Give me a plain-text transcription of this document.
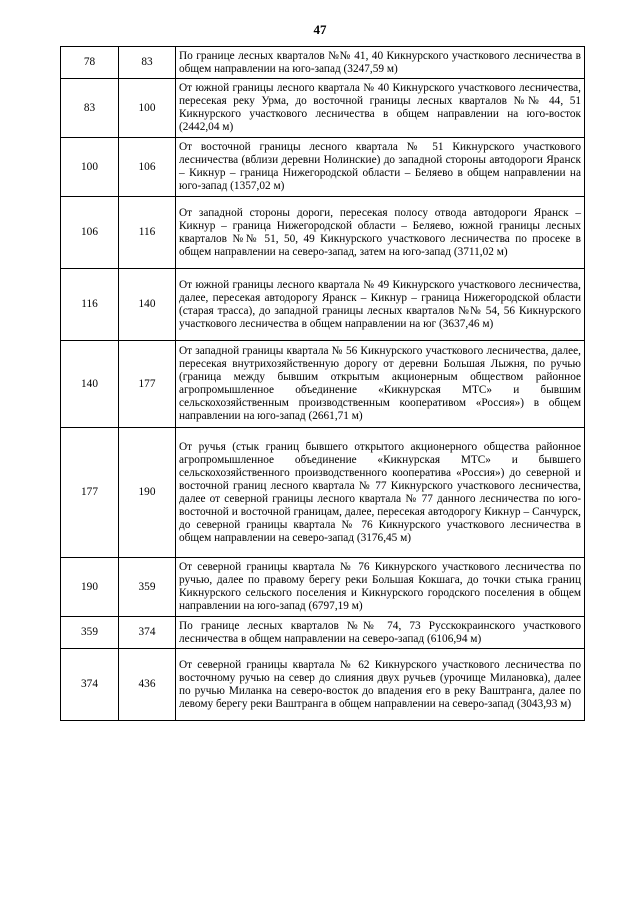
47
78	83	По границе лесных кварталов №№ 41, 40 Кикнурского участкового лесничества в общем направлении на юго-запад (3247,59 м)
83	100	От южной границы лесного квартала № 40 Кикнурского участкового лесничества, пересекая реку Урма, до восточной границы лесных кварталов №№ 44, 51 Кикнурского участкового лесничества в общем направлении на юго-восток (2442,04 м)
100	106	От восточной границы лесного квартала № 51 Кикнурского участкового лесничества (вблизи деревни Нолинские) до западной стороны автодороги Яранск – Кикнур – граница Нижегородской области – Беляево в общем направлении на юго-запад (1357,02 м)
106	116	От западной стороны дороги, пересекая полосу отвода автодороги Яранск – Кикнур – граница Нижегородской области – Беляево, южной границы лесных кварталов №№ 51, 50, 49 Кикнурского участкового лесничества по просеке в общем направлении на северо-запад, затем на юго-запад (3711,02 м)
116	140	От южной границы лесного квартала № 49 Кикнурского участкового лесничества, далее, пересекая автодорогу Яранск – Кикнур – граница Нижегородской области (старая трасса), до западной границы лесных кварталов №№ 54, 56 Кикнурского участкового лесничества в общем направлении на юг (3637,46 м)
140	177	От западной границы квартала № 56 Кикнурского участкового лесничества, далее, пересекая внутрихозяйственную дорогу от деревни Большая Лыжня, по ручью (граница между бывшим открытым акционерным обществом районное агропромышленное объединение «Кикнурская МТС» и бывшим сельскохозяйственным производственным кооперативом «Россия») в общем направлении на юго-запад (2661,71 м)
177	190	От ручья (стык границ бывшего открытого акционерного общества районное агропромышленное объединение «Кикнурская МТС» и бывшего сельскохозяйственного производственного кооператива «Россия») до северной и восточной границ лесного квартала № 77 Кикнурского участкового лесничества, далее от северной границы лесного квартала № 77 данного лесничества по юго-восточной и восточной границам, далее, пересекая автодорогу Кикнур – Санчурск, до северной границы квартала № 76 Кикнурского участкового лесничества в общем направлении на северо-запад (3176,45 м)
190	359	От северной границы квартала № 76 Кикнурского участкового лесничества по ручью, далее по правому берегу реки Большая Кокшага, до точки стыка границ Кикнурского сельского поселения и Кикнурского городского поселения в общем направлении на юго-запад (6797,19 м)
359	374	По границе лесных кварталов №№ 74, 73 Русскокраинского участкового лесничества в общем направлении на северо-запад (6106,94 м)
374	436	От северной границы квартала № 62 Кикнурского участкового лесничества по восточному ручью на север до слияния двух ручьев (урочище Милановка), далее по ручью Миланка на северо-восток до впадения его в реку Ваштранга, далее по левому берегу реки Ваштранга в общем направлении на северо-запад (3043,93 м)
